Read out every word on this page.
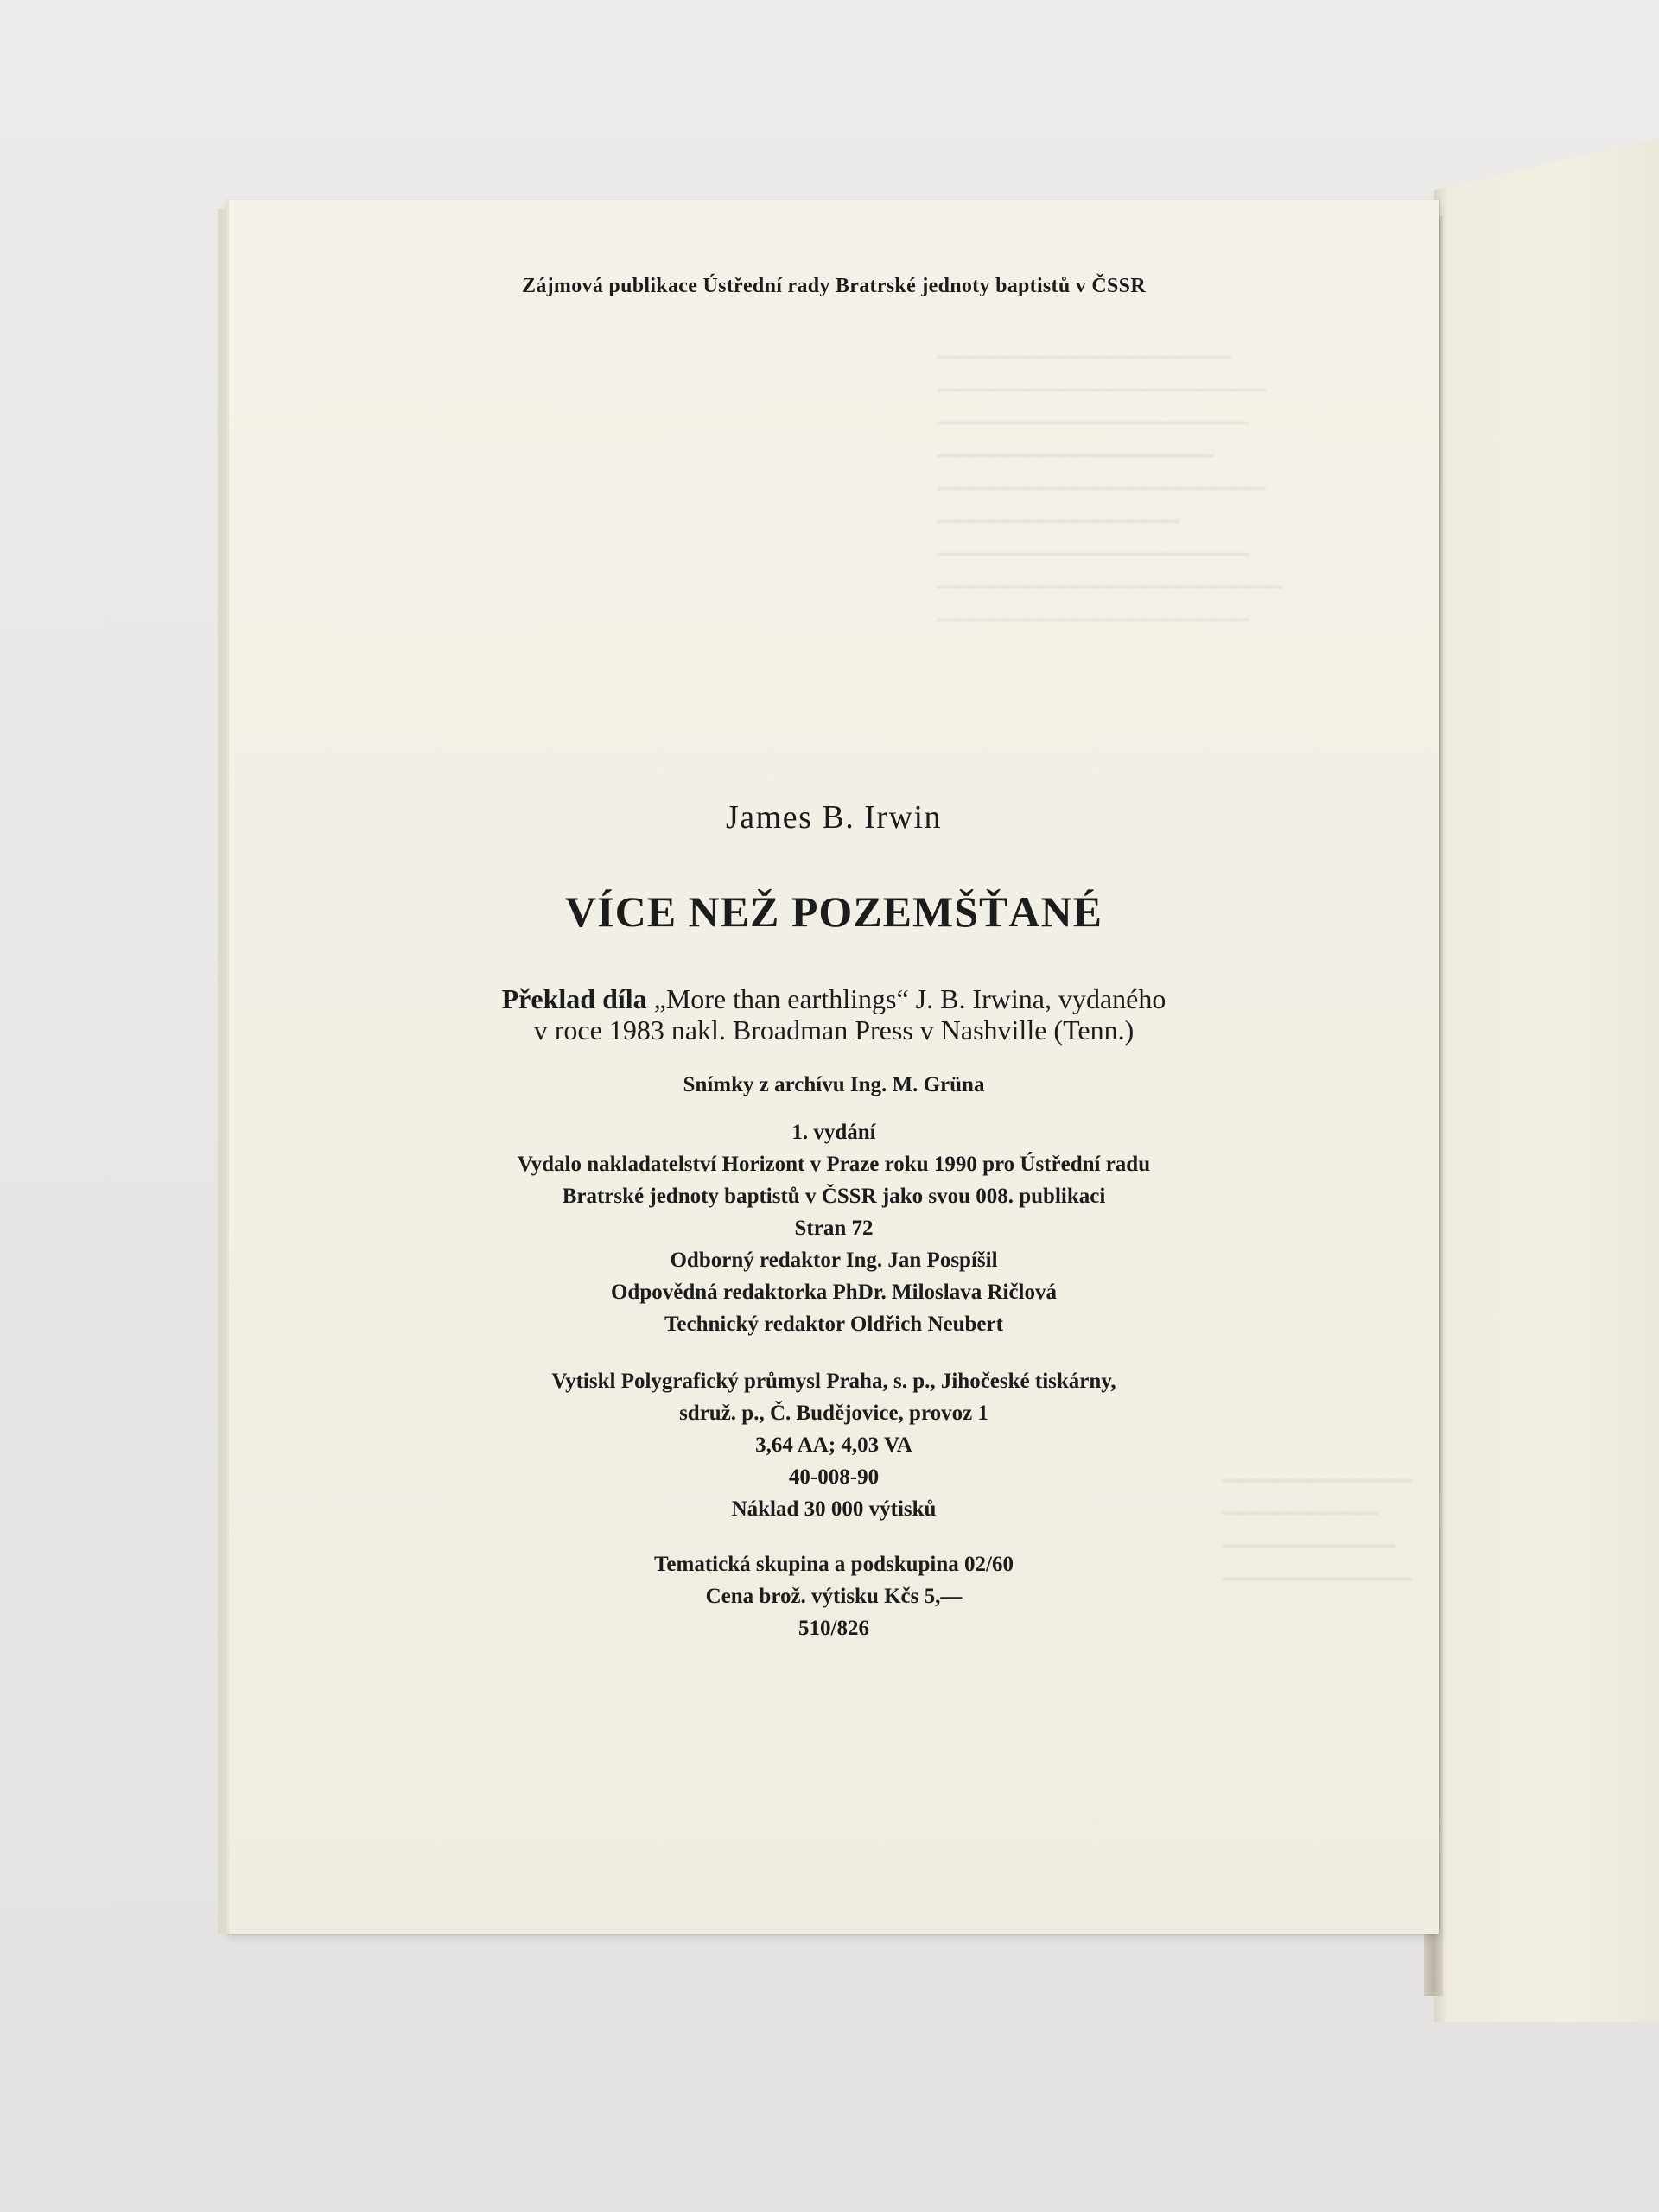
▁▁▁▁▁▁▁▁▁▁▁▁▁▁▁▁▁
▁▁▁▁▁▁▁▁▁▁▁▁▁▁▁▁▁▁▁
▁▁▁▁▁▁▁▁▁▁▁▁▁▁▁▁▁▁
▁▁▁▁▁▁▁▁▁▁▁▁▁▁▁▁
▁▁▁▁▁▁▁▁▁▁▁▁▁▁▁▁▁▁▁
▁▁▁▁▁▁▁▁▁▁▁▁▁▁
▁▁▁▁▁▁▁▁▁▁▁▁▁▁▁▁▁▁
▁▁▁▁▁▁▁▁▁▁▁▁▁▁▁▁▁▁▁▁
▁▁▁▁▁▁▁▁▁▁▁▁▁▁▁▁▁▁
▁▁▁▁▁▁▁▁▁▁▁
▁▁▁▁▁▁▁▁▁
▁▁▁▁▁▁▁▁▁▁
▁▁▁▁▁▁▁▁▁▁▁
Zájmová publikace Ústřední rady Bratrské jednoty baptistů v ČSSR
James B. Irwin
VÍCE NEŽ POZEMŠŤANÉ
Překlad díla „More than earthlings“ J. B. Irwina, vydaného
v roce 1983 nakl. Broadman Press v Nashville (Tenn.)
Snímky z archívu Ing. M. Grüna
1. vydání
Vydalo nakladatelství Horizont v Praze roku 1990 pro Ústřední radu
Bratrské jednoty baptistů v ČSSR jako svou 008. publikaci
Stran 72
Odborný redaktor Ing. Jan Pospíšil
Odpovědná redaktorka PhDr. Miloslava Ričlová
Technický redaktor Oldřich Neubert
Vytiskl Polygrafický průmysl Praha, s. p., Jihočeské tiskárny,
sdruž. p., Č. Budějovice, provoz 1
3,64 AA; 4,03 VA
40-008-90
Náklad 30 000 výtisků
Tematická skupina a podskupina 02/60
Cena brož. výtisku Kčs 5,—
510/826
